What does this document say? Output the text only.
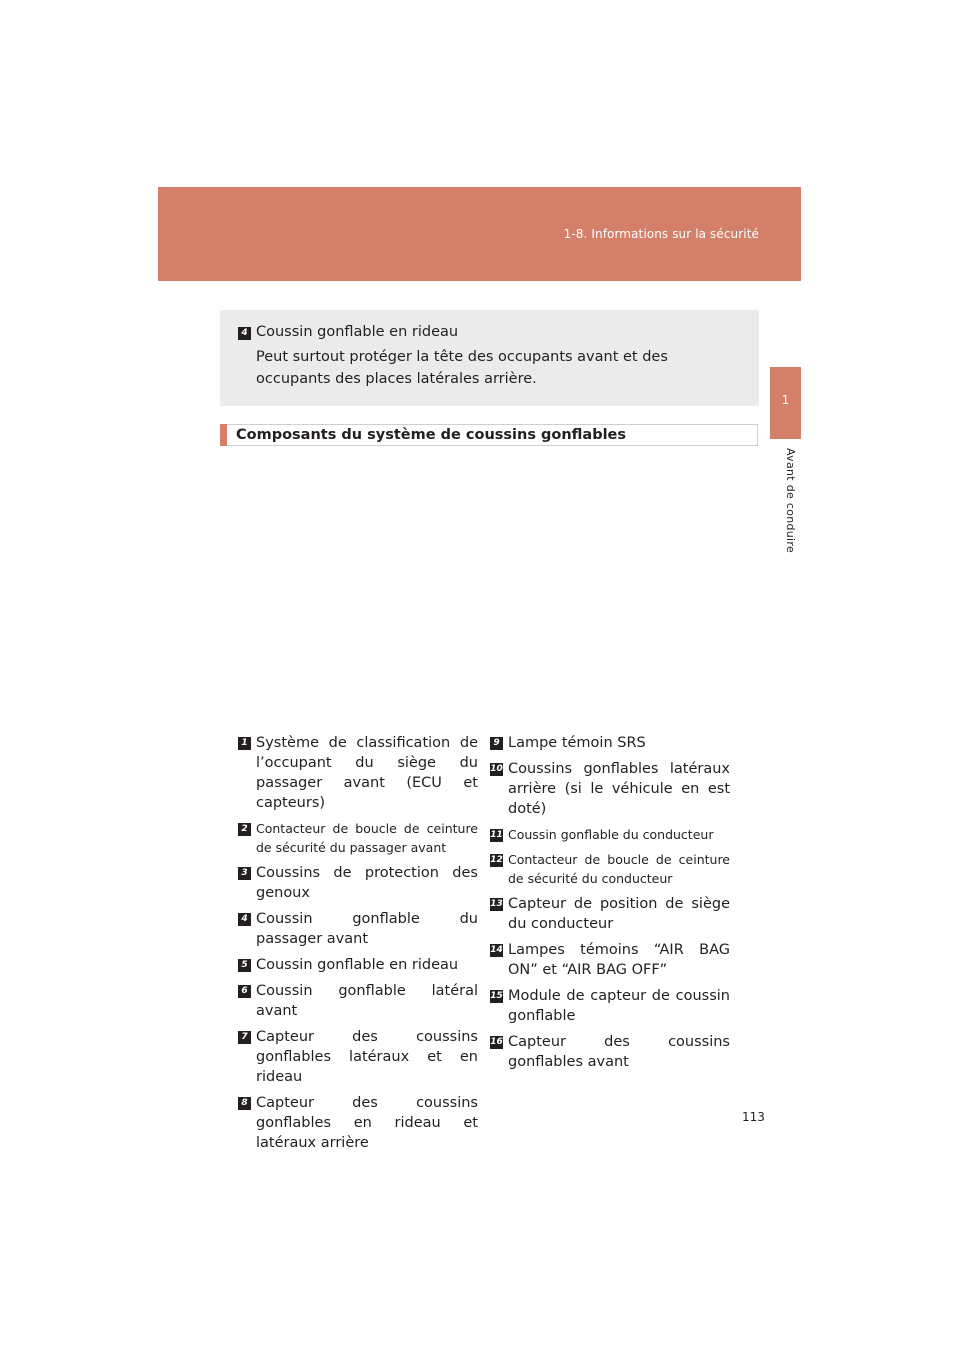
1-8. Informations sur la sécurité
1
Avant de conduire
4 Coussin gonflable en rideau
Peut surtout protéger la tête des occupants avant et des occupants des places latérales arrière.
Composants du système de coussins gonflables
1 Système de classification de l’occupant du siège du passager avant (ECU et capteurs)
2 Contacteur de boucle de ceinture de sécurité du passager avant
3 Coussins de protection des genoux
4 Coussin gonflable du passager avant
5 Coussin gonflable en rideau
6 Coussin gonflable latéral avant
7 Capteur des coussins gonflables latéraux et en rideau
8 Capteur des coussins gonflables en rideau et latéraux arrière
9 Lampe témoin SRS
10 Coussins gonflables latéraux arrière (si le véhicule en est doté)
11 Coussin gonflable du conducteur
12 Contacteur de boucle de ceinture de sécurité du conducteur
13 Capteur de position de siège du conducteur
14 Lampes témoins “AIR BAG ON” et “AIR BAG OFF”
15 Module de capteur de coussin gonflable
16 Capteur des coussins gonflables avant
113
